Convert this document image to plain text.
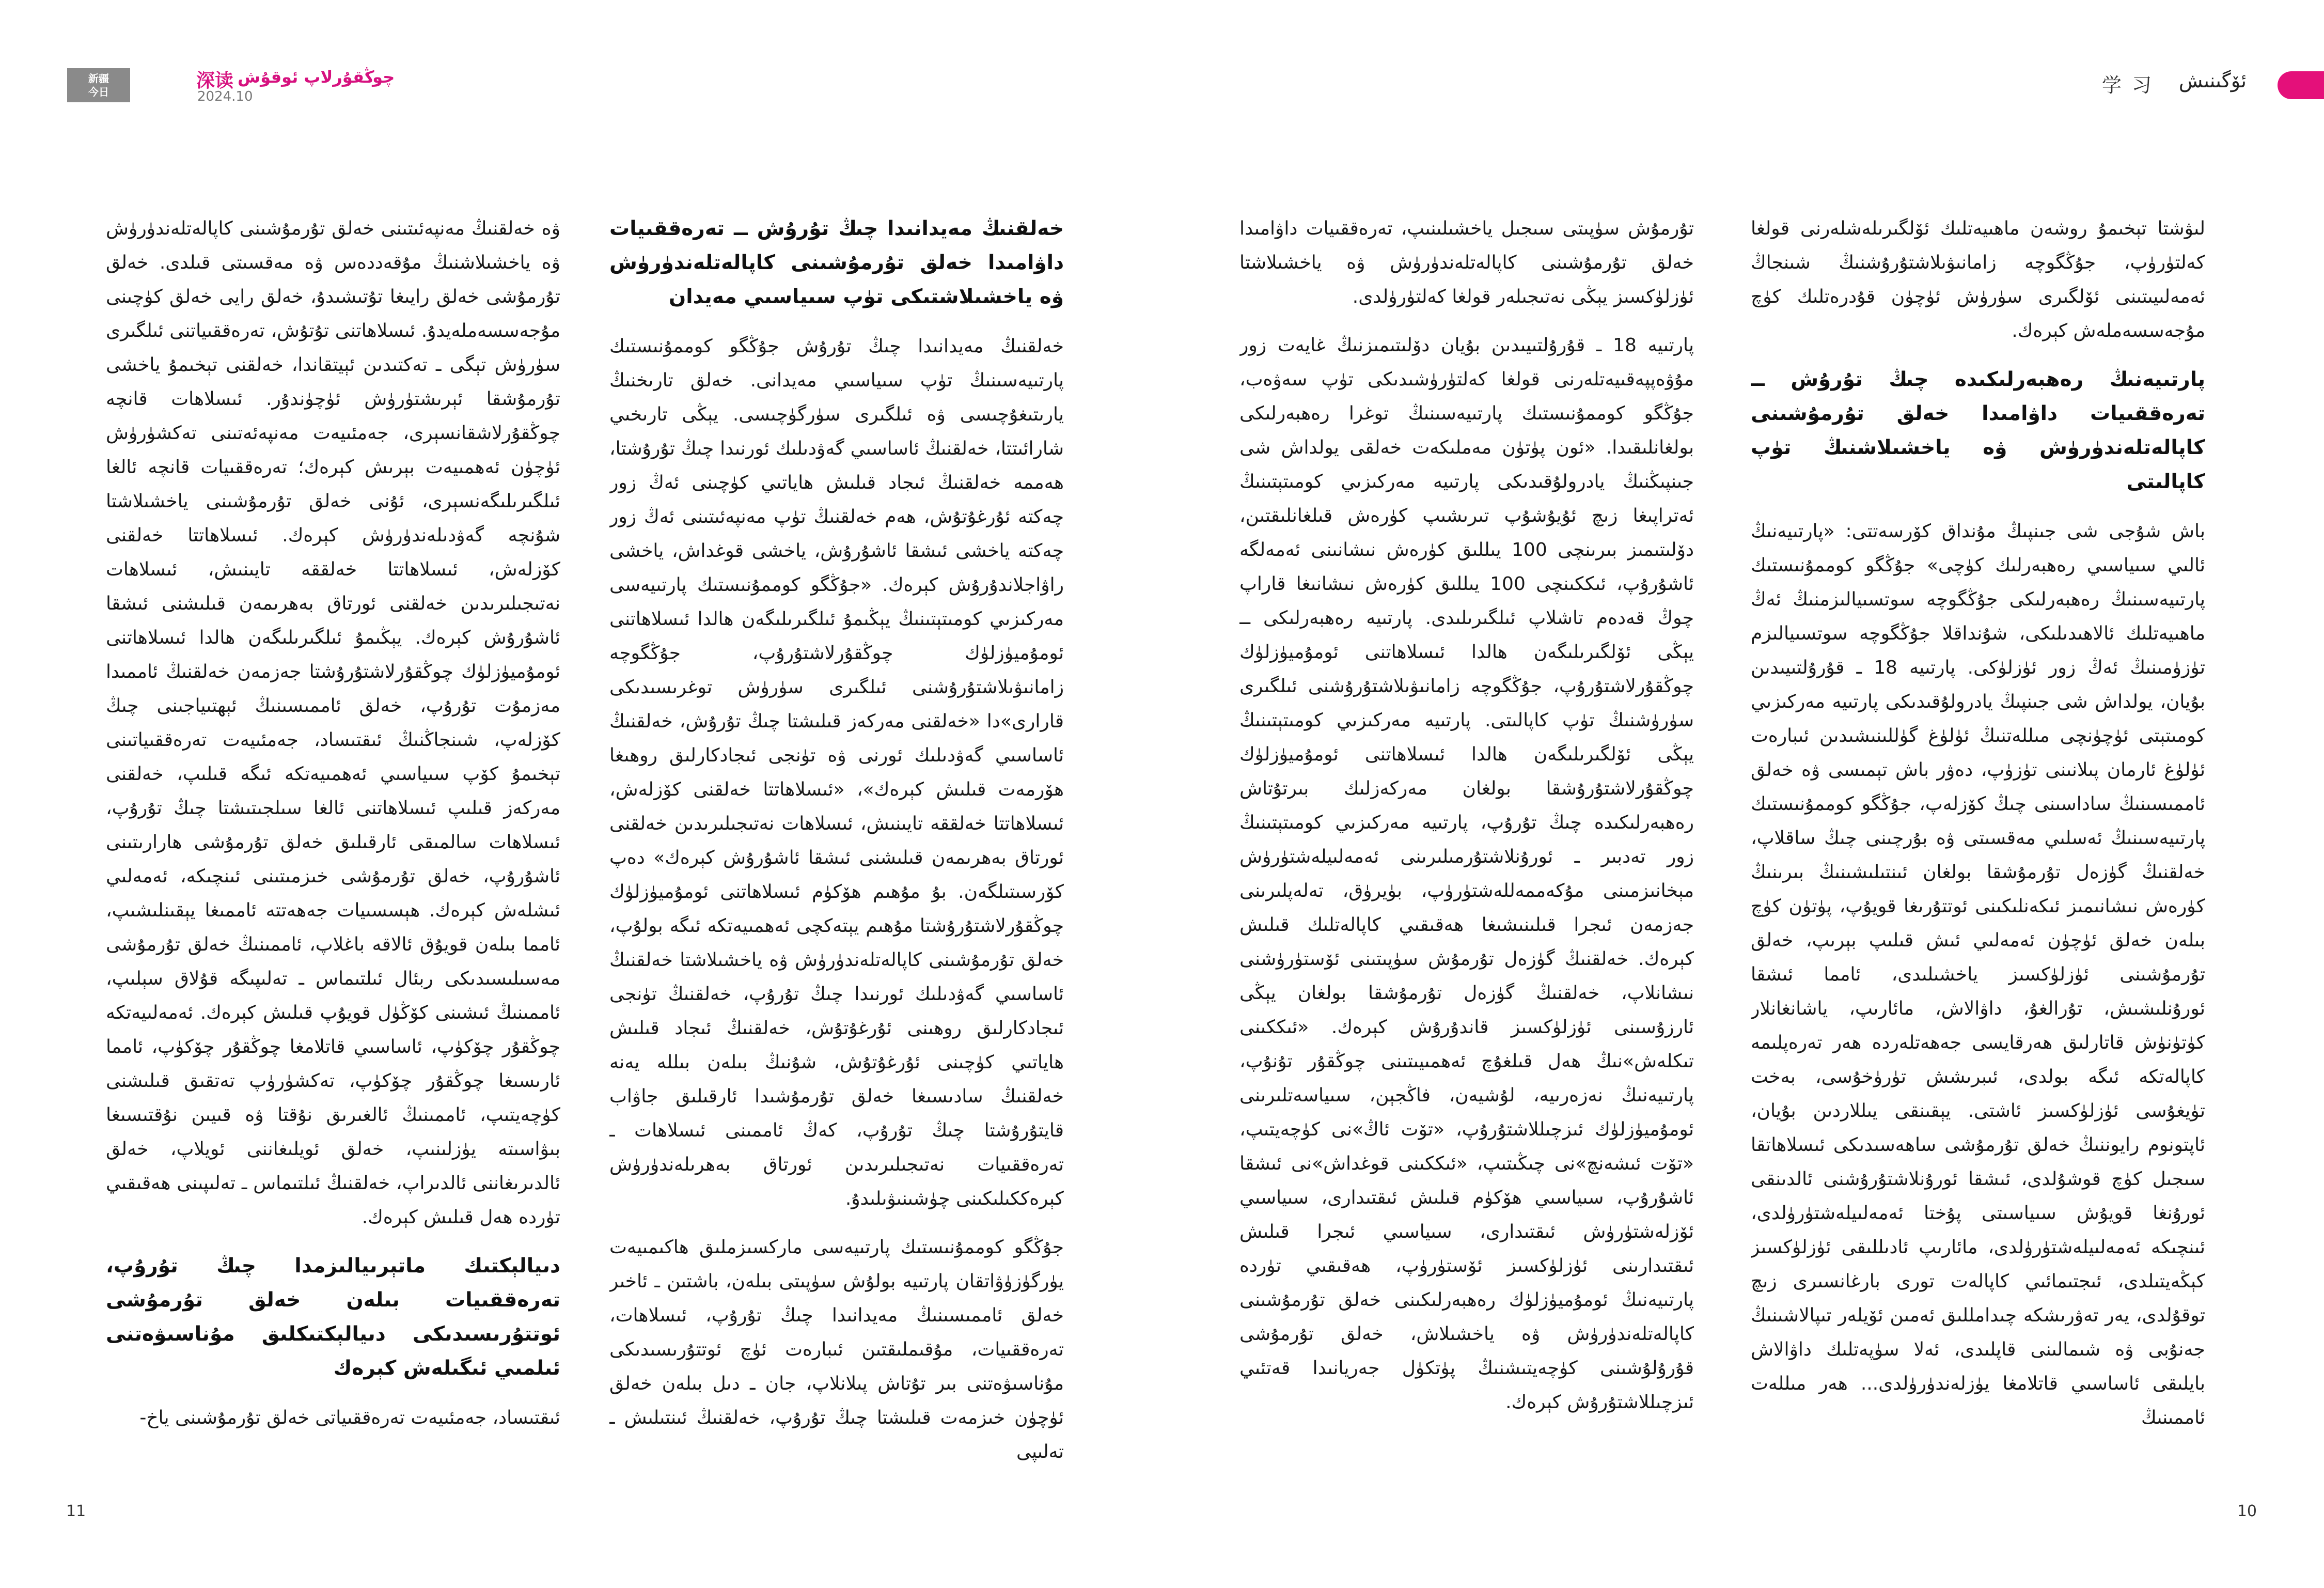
新疆
今日
深读 چوڭقۇرلاپ ئوقۇش
2024.10	学 习 ئۆگىنىش

لىۋشتا تېخىمۇ روشەن ماھىيەتلىك ئۆلگىرىلەشلەرنى قولغا كەلتۈرۈپ، جۇڭگوچە زامانىۋىلاشتۇرۇشنىڭ شىنجاڭ ئەمەلىيىتىنى ئۆلگىرى سۈرۈش ئۈچۈن قۇدرەتلىك كۈچ مۇجەسسەملەش كېرەك.

پارتىيەنىڭ رەھبەرلىكىدە چىڭ تۇرۇش ــ تەرەققىيات داۋامىدا خەلق تۇرمۇشىنى كاپالەتلەندۈرۈش ۋە ياخشىلاشنىڭ تۈپ كاپالىتى

باش شۇجى شى جىنپىڭ مۇنداق كۆرسەتتى: «پارتىيەنىڭ ئالىي سىياسىي رەھبەرلىك كۈچى» جۇڭگو كوممۇنىستىك پارتىيەسىنىڭ رەھبەرلىكى جۇڭگوچە سوتسىيالىزمنىڭ ئەڭ ماھىيەتلىك ئالاھىدىلىكى، شۇنداقلا جۇڭگوچە سوتسىيالىزم تۈزۈمىنىڭ ئەڭ زور ئۈزلۈكى. پارتىيە 18 ـ قۇرۇلتىيىدىن بۇيان، يولداش شى جىنپىڭ يادرولۇقىدىكى پارتىيە مەركىزىي كومىتېتى ئۈچۈنچى مىللەتنىڭ ئۈلۈغ گۈللىنىشىدىن ئىبارەت ئۈلۈغ ئارمان پىلانىنى تۈزۈپ، دەۋر باش تېمىسى ۋە خەلق ئاممىسىنىڭ ساداسىنى چىڭ كۆزلەپ، جۇڭگو كوممۇنىستىك پارتىيەسىنىڭ ئەسلىي مەقسىتى ۋە بۇرچىنى چىڭ ساقلاپ، خەلقنىڭ گۈزەل تۇرمۇشقا بولغان ئىنتىلىشىنىڭ بىرىنىڭ كۈرەش نىشانىمىز ئىكەنلىكىنى ئوتتۇرىغا قويۇپ، پۈتۈن كۈچ بىلەن خەلق ئۈچۈن ئەمەلىي ئىش قىلىپ بېرىپ، خەلق تۇرمۇشىنى ئۈزلۈكسىز ياخشىلىدى، ئامما ئىشقا ئورۇنلىشىش، تۇرالغۇ، داۋالاش، مائارىپ، ياشانغانلار كۈتۈنۈش قاتارلىق ھەرقايسى جەھەتلەردە ھەر تەرەپلىمە كاپالەتكە ئىگە بولدى، ئىبرىشش تۈرۈخۇسى، بەخت تۈيغۇسى ئۈزلۈكسىز ئاشتى. يېقىنقى يىللاردىن بۇيان، ئاپتونوم رايوننىڭ خەلق تۇرمۇشى ساھەسىدىكى ئىسلاھاتقا سىجىل كۈچ قوشۇلدى، ئىشقا ئورۇنلاشتۇرۇشنى ئالدىنقى ئورۇنغا قويۇش سىياسىتى پۇختا ئەمەلىيلەشتۈرۈلدى، ئىنچىكە ئەمەلىيلەشتۈرۈلدى، مائارىپ ئادىللىقى ئۈزلۈكسىز كېڭەيتىلدى، ئىجتىمائىي كاپالەت تورى بارغانسىرى زىچ توقۇلدى، يەر تەۋرىشكە چىدامللىق ئەمىن ئۆيلەر تىپالاشىنىڭ جەنۇبى ۋە شىمالىنى قاپلىدى، ئەلا سۈپەتلىك داۋالاش بايلىقى ئاساسىي قاتلامغا يۈزلەندۈرۈلدى... ھەر مىللەت ئاممىنىڭ

تۇرمۇش سۈپىتى سىجىل ياخشىلىنىپ، تەرەققىيات داۋامىدا خەلق تۇرمۇشىنى كاپالەتلەندۈرۈش ۋە ياخشىلاشتا ئۈزلۈكسىز يېڭى نەتىجىلەر قولغا كەلتۈرۈلدى.

پارتىيە 18 ـ قۇرۇلتىيىدىن بۇيان دۆلىتىمىزنىڭ غايەت زور مۇۋەپپەقىيەتلەرنى قولغا كەلتۈرۈشىدىكى تۈپ سەۋەب، جۇڭگو كوممۇنىستىك پارتىيەسىنىڭ توغرا رەھبەرلىكى بولغانلىقىدا. «ئون پۈتۈن مەملىكەت خەلقى يولداش شى جىنپىڭنىڭ يادرولۇقىدىكى پارتىيە مەركىزىي كومىتېتىنىڭ ئەتراپىغا زىچ ئۇيۇشۇپ تىرىشىپ كۈرەش قىلغانلىقتىن، دۆلىتىمىز بىرىنچى 100 يىللىق كۈرەش نىشانىنى ئەمەلگە ئاشۇرۇپ، ئىككىنچى 100 يىللىق كۈرەش نىشانىغا قاراپ چوڭ قەدەم تاشلاپ ئىلگىرىلىدى. پارتىيە رەھبەرلىكى ــ يېڭى ئۆلگىرىلىگەن ھالدا ئىسلاھاتنى ئومۇميۈزلۈك چوڭقۇرلاشتۇرۇپ، جۇڭگوچە زامانىۋىلاشتۇرۇشنى ئىلگىرى سۈرۈشنىڭ تۈپ كاپالىتى. پارتىيە مەركىزىي كومىتېتىنىڭ يېڭى ئۆلگىرىلىگەن ھالدا ئىسلاھاتنى ئومۇميۈزلۈك چوڭقۇرلاشتۇرۇشقا بولغان مەركەزلىك بىرتۇتاش رەھبەرلىكىدە چىڭ تۇرۇپ، پارتىيە مەركىزىي كومىتېتىنىڭ زور تەدبىر ـ ئورۇنلاشتۇرمىلىرىنى ئەمەلىيلەشتۈرۈش مېخانىزمىنى مۇكەممەللەشتۈرۈپ، بۈيرۈق، تەلەپلىرىنى جەزمەن ئىجرا قىلىنىشىغا ھەقىقىي كاپالەتلىك قىلىش كېرەك. خەلقنىڭ گۈزەل تۇرمۇش سۈپىتىنى ئۆستۈرۈشنى نىشانلاپ، خەلقنىڭ گۈزەل تۇرمۇشقا بولغان يېڭى ئارزۇسىنى ئۈزلۈكسىز قاندۇرۇش كېرەك. «ئىككىنى تىكلەش»نىڭ ھەل قىلغۇچ ئەھمىيىتىنى چوڭقۇر تۇنۇپ، پارتىيەنىڭ نەزەرىيە، لۇشيەن، فاڭجېن، سىياسەتلىرىنى ئومۇميۈزلۈك ئىزچىللاشتۇرۇپ، «تۆت ئاڭ»نى كۈچەيتىپ، «تۆت ئىشەنچ»نى چىڭىتىپ، «ئىككىنى قوغداش»نى ئىشقا ئاشۇرۇپ، سىياسىي ھۆكۈم قىلىش ئىقتىدارى، سىياسىي ئۆزلەشتۈرۈش ئىقتىدارى، سىياسىي ئىجرا قىلىش ئىقتىدارىنى ئۈزلۈكسىز ئۆستۈرۈپ، ھەقىقىي تۈردە پارتىيەنىڭ ئومۇميۈزلۈك رەھبەرلىكىنى خەلق تۇرمۇشىنى كاپالەتلەندۈرۈش ۋە ياخشىلاش، خەلق تۇرمۇشى قۇرۇلۇشىنى كۈچەيتىشنىڭ پۈتكۈل جەريانىدا قەتئىي ئىزچىللاشتۇرۇش كېرەك.

خەلقنىڭ مەيدانىدا چىڭ تۇرۇش ــ تەرەققىيات داۋامىدا خەلق تۇرمۇشىنى كاپالەتلەندۈرۈش ۋە ياخشىلاشتىكى تۈپ سىياسىي مەيدان

خەلقنىڭ مەيدانىدا چىڭ تۇرۇش جۇڭگو كوممۇنىستىك پارتىيەسىنىڭ تۈپ سىياسىي مەيدانى. خەلق تارىخنىڭ يارىتىغۇچىسى ۋە ئىلگىرى سۈرگۈچىسى. يېڭى تارىخىي شارائىتتا، خەلقنىڭ ئاساسىي گەۋدىلىك ئورنىدا چىڭ تۇرۇشتا، ھەممە خەلقنىڭ ئىجاد قىلىش ھاياتىي كۈچىنى ئەڭ زور چەكتە ئۇرغۇتۇش، ھەم خەلقنىڭ تۈپ مەنپەئىتىنى ئەڭ زور چەكتە ياخشى ئىشقا ئاشۇرۇش، ياخشى قوغداش، ياخشى راۋاجلاندۇرۇش كېرەك. «جۇڭگو كوممۇنىستىك پارتىيەسى مەركىزىي كومىتېتىنىڭ يېڭىمۇ ئىلگىرىلىگەن ھالدا ئىسلاھاتنى ئومۇميۈزلۈك چوڭقۇرلاشتۇرۇپ، جۇڭگوچە زامانىۋىلاشتۇرۇشنى ئىلگىرى سۈرۈش توغرىسىدىكى قارارى»دا «خەلقنى مەركەز قىلىشتا چىڭ تۇرۇش، خەلقنىڭ ئاساسىي گەۋدىلىك ئورنى ۋە تۈنجى ئىجادكارلىق روھىغا ھۆرمەت قىلىش كېرەك»، «ئىسلاھاتتا خەلقنى كۆزلەش، ئىسلاھاتتا خەلققە تايىنىش، ئىسلاھات نەتىجىلىرىدىن خەلقنى ئورتاق بەھرىمەن قىلىشنى ئىشقا ئاشۇرۇش كېرەك» دەپ كۆرسىتىلگەن. بۇ مۇھىم ھۆكۈم ئىسلاھاتنى ئومۇميۈزلۈك چوڭقۇرلاشتۇرۇشتا مۇھىم يېتەكچى ئەھمىيەتكە ئىگە بولۇپ، خەلق تۇرمۇشىنى كاپالەتلەندۈرۈش ۋە ياخشىلاشتا خەلقنىڭ ئاساسىي گەۋدىلىك ئورنىدا چىڭ تۇرۇپ، خەلقنىڭ تۈنجى ئىجادكارلىق روھىنى ئۇرغۇتۇش، خەلقنىڭ ئىجاد قىلىش ھاياتىي كۈچىنى ئۇرغۇتۇش، شۇنىڭ بىلەن بىللە يەنە خەلقنىڭ سادىسىغا خەلق تۇرمۇشىدا ئارقىلىق جاۋاب قايتۇرۇشتا چىڭ تۇرۇپ، كەڭ ئاممىنى ئىسلاھات ـ تەرەققىيات نەتىجىلىرىدىن ئورتاق بەھرىلەندۈرۈش كېرەككىلىكىنى چۈشىنىۋىلىدۇ.

جۇڭگو كوممۇنىستىك پارتىيەسى ماركسىزملىق ھاكىمىيەت يۈرگۈزۈۋاتقان پارتىيە بولۇش سۈپىتى بىلەن، باشتىن ـ ئاخىر خەلق ئاممىسىنىڭ مەيدانىدا چىڭ تۇرۇپ، ئىسلاھات، تەرەققىيات، مۇقىملىقتىن ئىبارەت ئۈچ ئوتتۇرىسىدىكى مۇناسىۋەتنى بىر تۇتاش پىلانلاپ، جان ـ دىل بىلەن خەلق ئۈچۈن خىزمەت قىلىشتا چىڭ تۇرۇپ، خەلقنىڭ ئىنتىلىش ـ تەلىپى

ۋە خەلقنىڭ مەنپەئىتىنى خەلق تۇرمۇشىنى كاپالەتلەندۈرۈش ۋە ياخشىلاشنىڭ مۇقەددەس ۋە مەقسىتى قىلدى. خەلق تۇرمۇشى خەلق رايىغا تۇتىشىدۇ، خەلق رايى خەلق كۈچىنى مۇجەسسەملەيدۇ. ئىسلاھاتنى تۇتۇش، تەرەققىياتنى ئىلگىرى سۈرۈش تېگى ـ تەكتىدىن ئېيتقاندا، خەلقنى تېخىمۇ ياخشى تۇرمۇشقا ئېرىشتۈرۈش ئۈچۈندۇر. ئىسلاھات قانچە چوڭقۇرلاشقانسېرى، جەمئىيەت مەنپەئەتىنى تەكشۈرۈش ئۈچۈن ئەھمىيەت بېرىش كېرەك؛ تەرەققىيات قانچە ئالغا ئىلگىرىلىگەنسېرى، ئۇنى خەلق تۇرمۇشىنى ياخشىلاشتا شۇنچە گەۋدىلەندۈرۈش كېرەك. ئىسلاھاتتا خەلقنى كۆزلەش، ئىسلاھاتتا خەلققە تايىنىش، ئىسلاھات نەتىجىلىرىدىن خەلقنى ئورتاق بەھرىمەن قىلىشنى ئىشقا ئاشۇرۇش كېرەك. يېڭىمۇ ئىلگىرىلىگەن ھالدا ئىسلاھاتنى ئومۇميۈزلۈك چوڭقۇرلاشتۇرۇشتا جەزمەن خەلقنىڭ ئاممىدا مەزمۇت تۇرۇپ، خەلق ئاممىسىنىڭ ئېھتىياجىنى چىڭ كۆزلەپ، شىنجاڭنىڭ ئىقتىساد، جەمئىيەت تەرەققىياتىنى تېخىمۇ كۆپ سىياسىي ئەھمىيەتكە ئىگە قىلىپ، خەلقنى مەركەز قىلىپ ئىسلاھاتنى ئالغا سىلجىتىشتا چىڭ تۇرۇپ، ئىسلاھات سالمىقى ئارقىلىق خەلق تۇرمۇشى ھارارىتىنى ئاشۇرۇپ، خەلق تۇرمۇشى خىزمىتىنى ئىنچىكە، ئەمەلىي ئىشلەش كېرەك. ھېسسىيات جەھەتتە ئاممىغا يېقىنلىشىپ، ئامما بىلەن قويۇق ئالاقە باغلاپ، ئاممىنىڭ خەلق تۇرمۇشى مەسىلىسىدىكى ربئال ئىلتىماس ـ تەلىپىگە قۇلاق سېلىپ، ئاممىنىڭ ئىشىنى كۆڭۈل قويۇپ قىلىش كېرەك. ئەمەلىيەتكە چوڭقۇر چۆكۈپ، ئاساسىي قاتلامغا چوڭقۇر چۆكۈپ، ئامما ئارىسىغا چوڭقۇر چۆكۈپ، تەكشۈرۈپ تەتقىق قىلىشنى كۈچەيتىپ، ئاممىنىڭ ئالغىرىق نۇقتا ۋە قىيىن نۇقتىسىغا بىۋاسىتە يۈزلىنىپ، خەلق ئويلىغاننى ئويلاپ، خەلق ئالدىرىغاننى ئالدىراپ، خەلقنىڭ ئىلتىماس ـ تەلىپىنى ھەقىقىي تۈردە ھەل قىلىش كېرەك.

دىيالېكتىك ماتېرىيالىزمدا چىڭ تۇرۇپ، تەرەققىيات بىلەن خەلق تۇرمۇشى ئوتتۇرىسىدىكى دىيالېكتىكلىق مۇناسىۋەتنى ئىلمىي ئىگىلەش كېرەك

ئىقتىساد، جەمئىيەت تەرەققىياتى خەلق تۇرمۇشىنى ياخ-

11	10
